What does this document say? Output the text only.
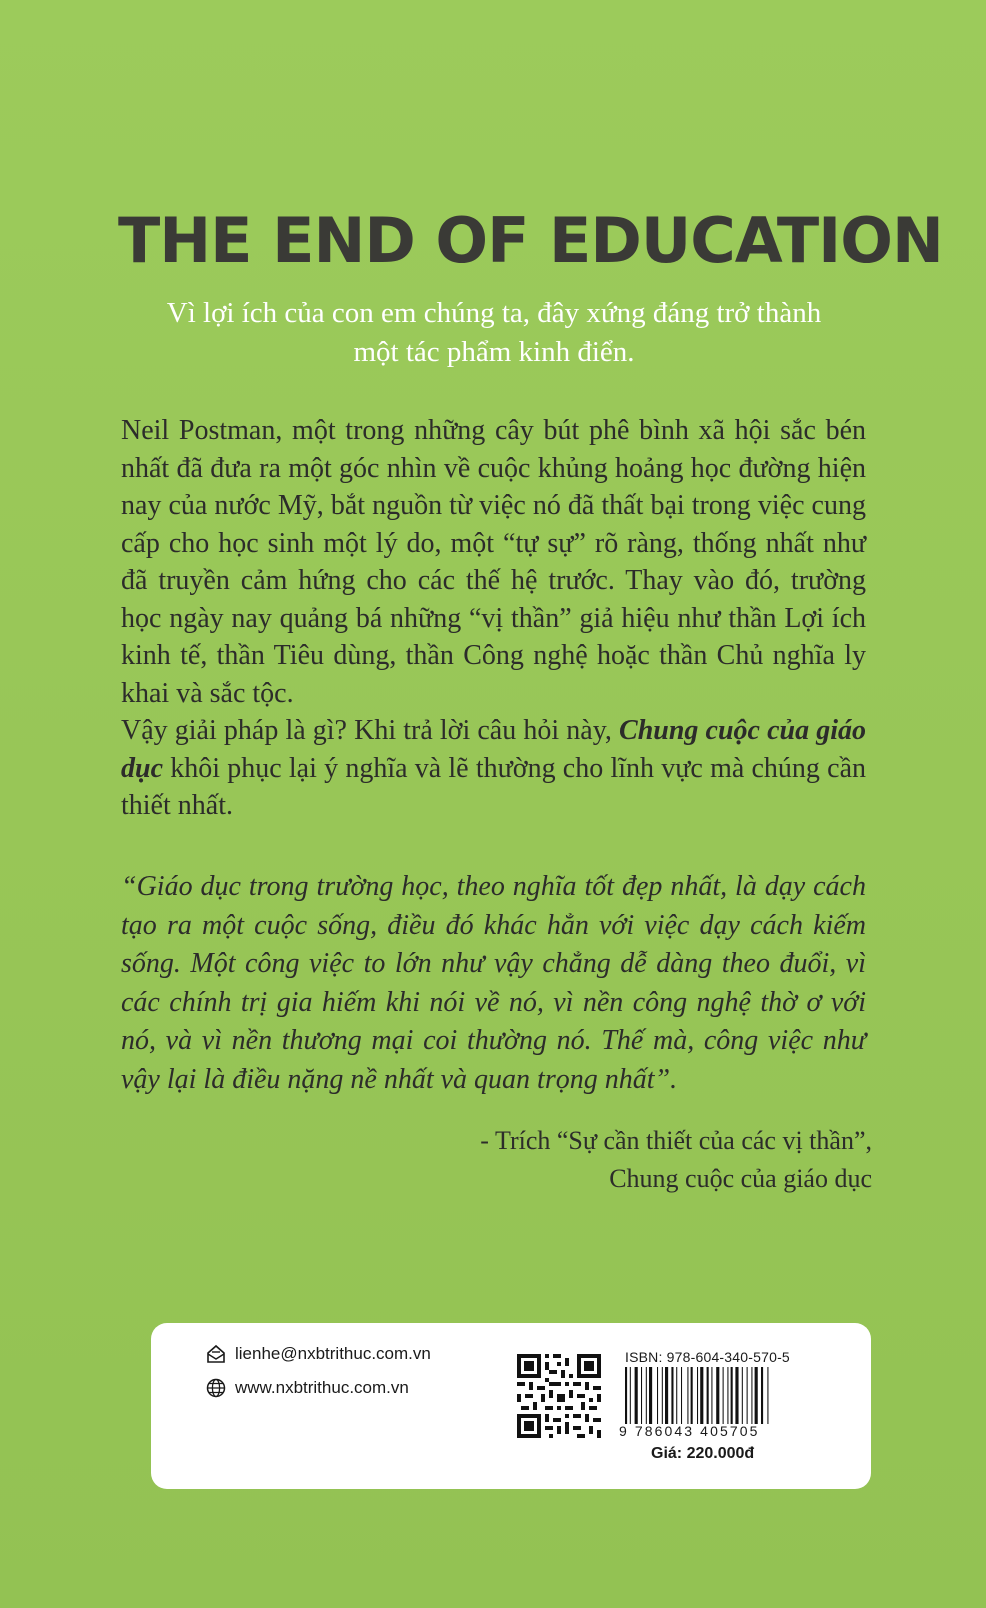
THE END OF EDUCATION
Vì lợi ích của con em chúng ta, đây xứng đáng trở thành
một tác phẩm kinh điển.

Neil Postman, một trong những cây bút phê bình xã hội sắc bén nhất đã đưa ra một góc nhìn về cuộc khủng hoảng học đường hiện nay của nước Mỹ, bắt nguồn từ việc nó đã thất bại trong việc cung cấp cho học sinh một lý do, một “tự sự” rõ ràng, thống nhất như đã truyền cảm hứng cho các thế hệ trước. Thay vào đó, trường học ngày nay quảng bá những “vị thần” giả hiệu như thần Lợi ích kinh tế, thần Tiêu dùng, thần Công nghệ hoặc thần Chủ nghĩa ly khai và sắc tộc.

Vậy giải pháp là gì? Khi trả lời câu hỏi này, Chung cuộc của giáo dục khôi phục lại ý nghĩa và lẽ thường cho lĩnh vực mà chúng cần thiết nhất.

“Giáo dục trong trường học, theo nghĩa tốt đẹp nhất, là dạy cách tạo ra một cuộc sống, điều đó khác hẳn với việc dạy cách kiếm sống. Một công việc to lớn như vậy chẳng dễ dàng theo đuổi, vì các chính trị gia hiếm khi nói về nó, vì nền công nghệ thờ ơ với nó, và vì nền thương mại coi thường nó. Thế mà, công việc như vậy lại là điều nặng nề nhất và quan trọng nhất”.
- Trích “Sự cần thiết của các vị thần”,
Chung cuộc của giáo dục
lienhe@nxbtrithuc.com.vn
www.nxbtrithuc.com.vn
ISBN: 978-604-340-570-5
9 786043 405705
Giá: 220.000đ
